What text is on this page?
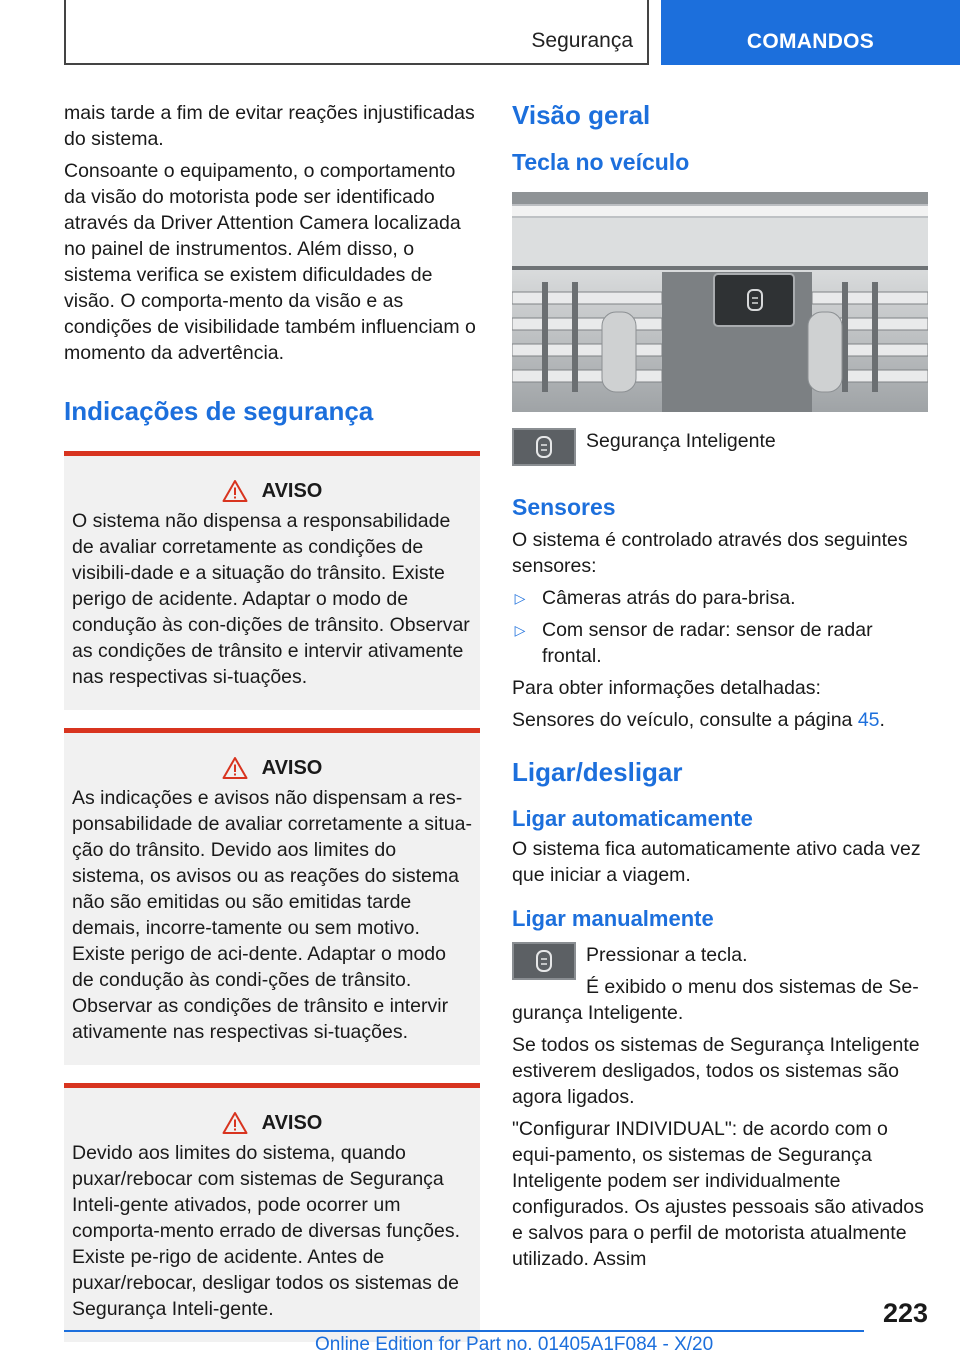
Segurança	COMANDOS

mais tarde a fim de evitar reações injustificadas do sistema.

Consoante o equipamento, o comportamento da visão do motorista pode ser identificado através da Driver Attention Camera localizada no painel de instrumentos. Além disso, o sistema verifica se existem dificuldades de visão. O comporta-mento da visão e as condições de visibilidade também influenciam o momento da advertência.

Indicações de segurança
AVISO

O sistema não dispensa a responsabilidade de avaliar corretamente as condições de visibili-dade e a situação do trânsito. Existe perigo de acidente. Adaptar o modo de condução às con-dições de trânsito. Observar as condições de trânsito e intervir ativamente nas respectivas si-tuações.

AVISO

As indicações e avisos não dispensam a res-ponsabilidade de avaliar corretamente a situa-ção do trânsito. Devido aos limites do sistema, os avisos ou as reações do sistema não são emitidas ou são emitidas tarde demais, incorre-tamente ou sem motivo. Existe perigo de aci-dente. Adaptar o modo de condução às condi-ções de trânsito. Observar as condições de trânsito e intervir ativamente nas respectivas si-tuações.

AVISO

Devido aos limites do sistema, quando puxar/rebocar com sistemas de Segurança Inteli-gente ativados, pode ocorrer um comporta-mento errado de diversas funções. Existe pe-rigo de acidente. Antes de puxar/rebocar, desligar todos os sistemas de Segurança Inteli-gente.

Visão geral
Tecla no veículo
Segurança Inteligente
Sensores

O sistema é controlado através dos seguintes sensores:

▷ Câmeras atrás do para-brisa.
▷ Com sensor de radar: sensor de radar frontal.

Para obter informações detalhadas:

Sensores do veículo, consulte a página 45.

Ligar/desligar
Ligar automaticamente

O sistema fica automaticamente ativo cada vez que iniciar a viagem.

Ligar manualmente

Pressionar a tecla.

É exibido o menu dos sistemas de Se-

gurança Inteligente.

Se todos os sistemas de Segurança Inteligente estiverem desligados, todos os sistemas são agora ligados.

"Configurar INDIVIDUAL": de acordo com o equi-pamento, os sistemas de Segurança Inteligente podem ser individualmente configurados. Os ajustes pessoais são ativados e salvos para o perfil de motorista atualmente utilizado. Assim

223
Online Edition for Part no. 01405A1F084 - X/20
